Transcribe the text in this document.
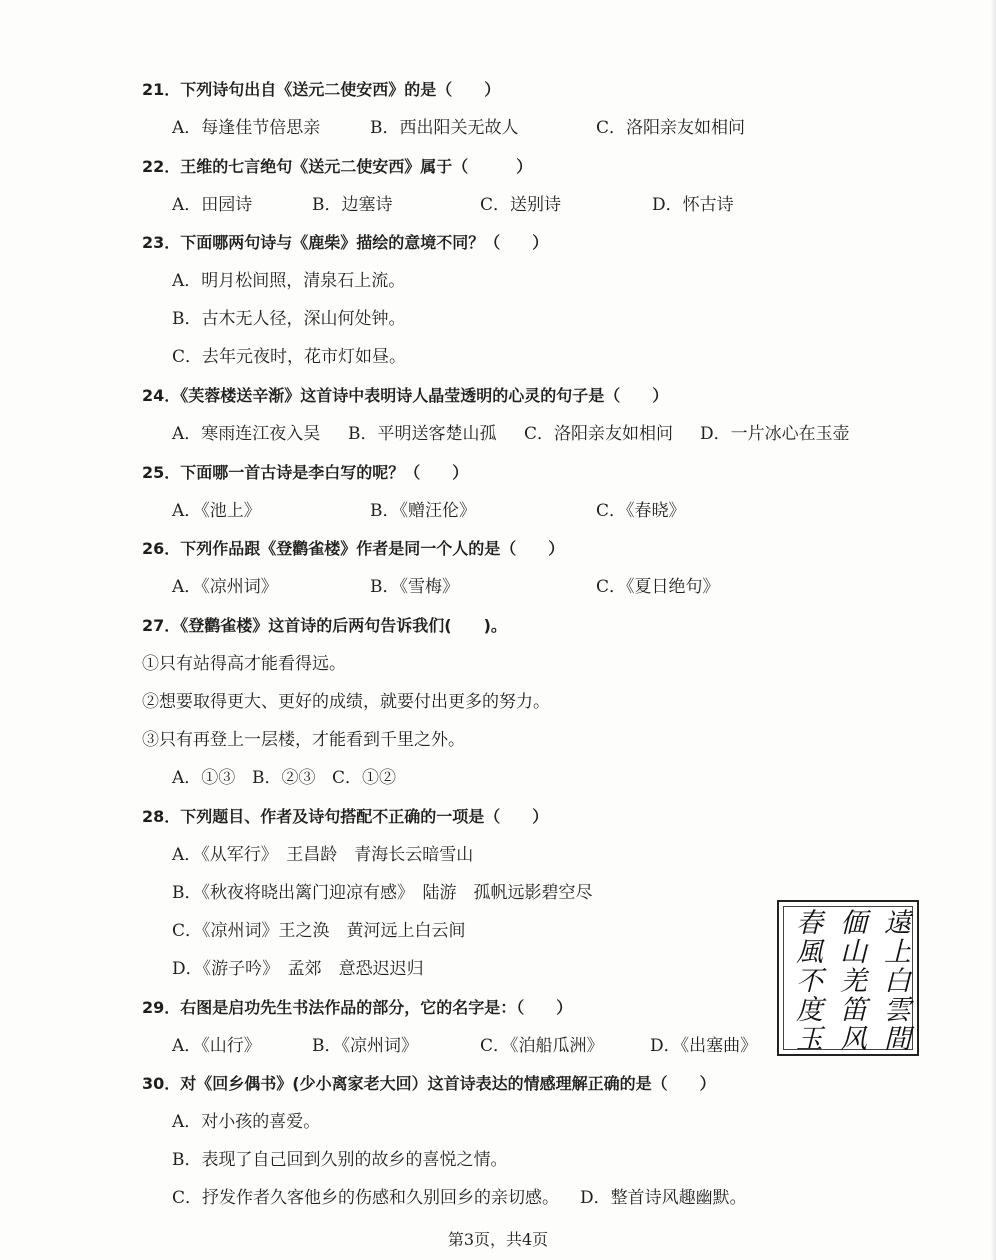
21．下列诗句出自《送元二使安西》的是（　　）
A．每逢佳节倍思亲	B．西出阳关无故人	C．洛阳亲友如相问
22．王维的七言绝句《送元二使安西》属于（　　　）
A．田园诗	B．边塞诗	C．送别诗	D．怀古诗
23．下面哪两句诗与《鹿柴》描绘的意境不同？（　　）
A．明月松间照，清泉石上流。
B．古木无人径，深山何处钟。
C．去年元夜时，花市灯如昼。
24．《芙蓉楼送辛渐》这首诗中表明诗人晶莹透明的心灵的句子是（　　）
A．寒雨连江夜入吴 B．平明送客楚山孤 C．洛阳亲友如相问 D．一片冰心在玉壶
25．下面哪一首古诗是李白写的呢？（　　）
A．《池上》	B．《赠汪伦》	C．《春晓》
26．下列作品跟《登鹳雀楼》作者是同一个人的是（　　）
A．《凉州词》	B．《雪梅》	C．《夏日绝句》
27．《登鹳雀楼》这首诗的后两句告诉我们(　　)。
①只有站得高才能看得远。
②想要取得更大、更好的成绩，就要付出更多的努力。
③只有再登上一层楼，才能看到千里之外。
A．①③ B．②③ C．①②
28．下列题目、作者及诗句搭配不正确的一项是（　　）
A．《从军行》　王昌龄　青海长云暗雪山
B．《秋夜将晓出篱门迎凉有感》　陆游　孤帆远影碧空尽
C．《凉州词》王之涣　黄河远上白云间
D．《游子吟》　孟郊　意恐迟迟归
29．右图是启功先生书法作品的部分，它的名字是：（　　）
A．《山行》	B．《凉州词》	C．《泊船瓜洲》	D．《出塞曲》
30．对《回乡偶书》(少小离家老大回）这首诗表达的情感理解正确的是（　　）
A．对小孩的喜爱。
B．表现了自己回到久别的故乡的喜悦之情。
C．抒发作者久客他乡的伤感和久别回乡的亲切感。 D．整首诗风趣幽默。
遠上白雲間
偭山羌笛风
春風不度玉
第3页，共4页
